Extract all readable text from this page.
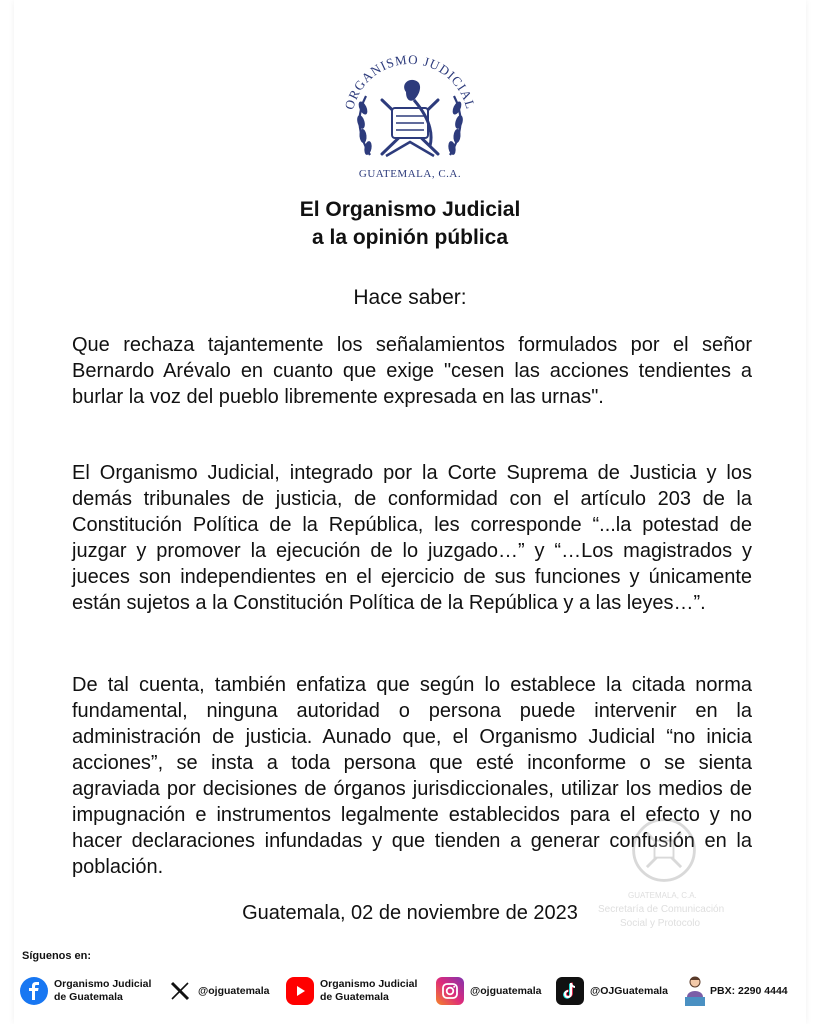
ORGANISMO JUDICIAL
GUATEMALA, C.A.
El Organismo Judicial
a la opinión pública
Hace saber:

Que rechaza tajantemente los señalamientos formulados por el señor Bernardo Arévalo en cuanto que exige "cesen las acciones tendientes a burlar la voz del pueblo libremente expresada en las urnas".

El Organismo Judicial, integrado por la Corte Suprema de Justicia y los demás tribunales de justicia, de conformidad con el artículo 203 de la Constitución Política de la República, les corresponde “...la potestad de juzgar y promover la ejecución de lo juzgado…” y “…Los magistrados y jueces son independientes en el ejercicio de sus funciones y únicamente están sujetos a la Constitución Política de la República y a las leyes…”.

De tal cuenta, también enfatiza que según lo establece la citada norma fundamental, ninguna autoridad o persona puede intervenir en la administración de justicia. Aunado que, el Organismo Judicial “no inicia acciones”, se insta a toda persona que esté inconforme o se sienta agraviada por decisiones de órganos jurisdiccionales, utilizar los medios de impugnación e instrumentos legalmente establecidos para el efecto y no hacer declaraciones infundadas y que tienden a generar confusión en la población.

GUATEMALA, C.A.
Secretaría de Comunicación
Social y Protocolo
Guatemala, 02 de noviembre de 2023
Síguenos en:
Organismo Judicial
de Guatemala
@ojguatemala
Organismo Judicial
de Guatemala
@ojguatemala	@OJGuatemala	PBX: 2290 4444
